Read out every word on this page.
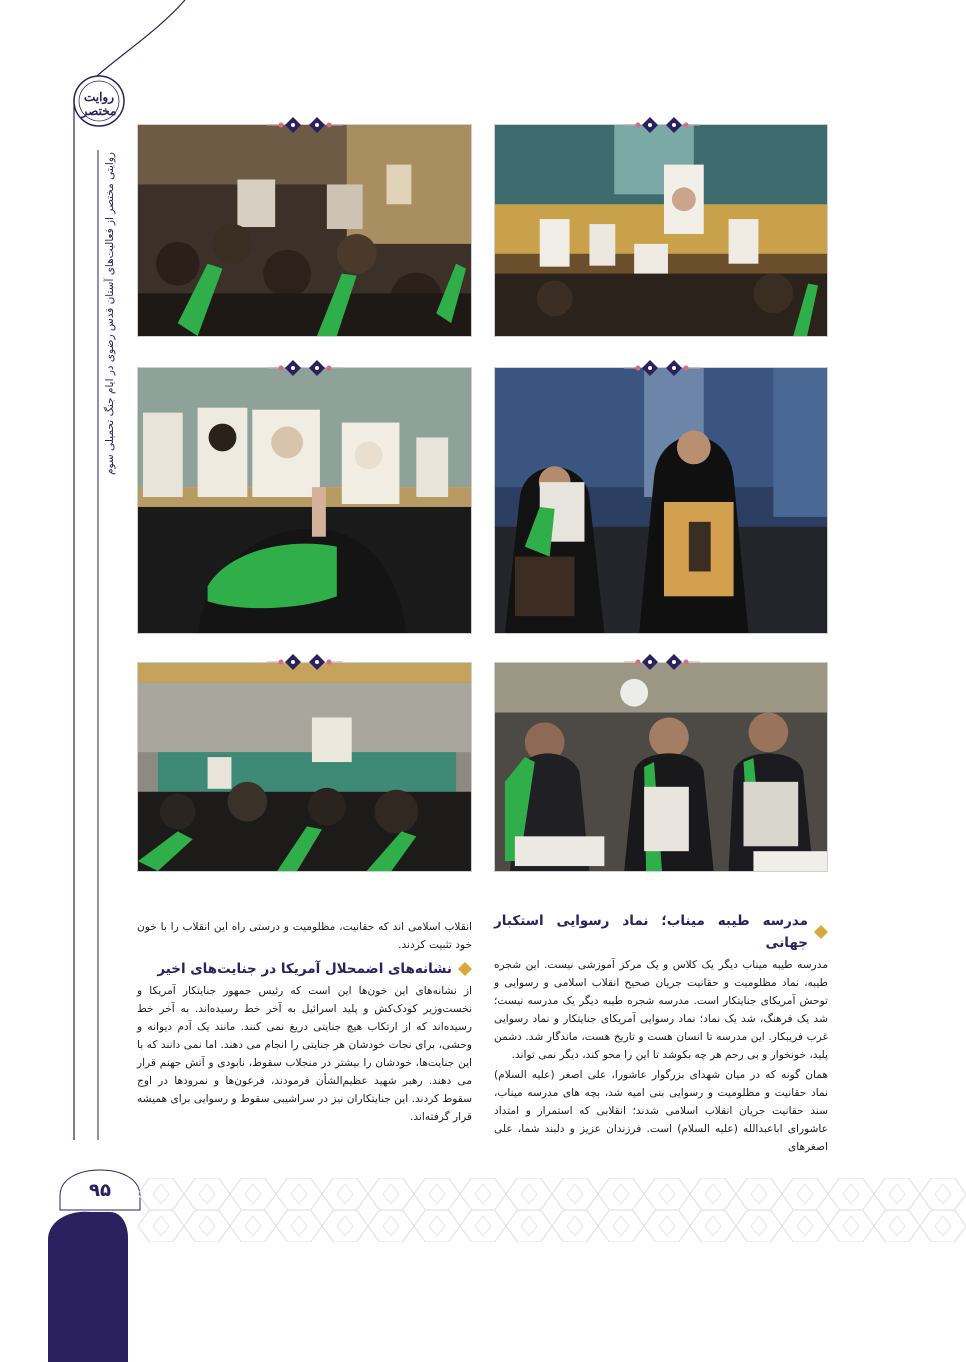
روایت مختصر
روایتی مختصر از فعالیت‌های آستان قدس رضوی در ایام جنگ تحمیلی سوم
۹۵
مدرسه طیبه میناب؛ نماد رسوایی استکبار جهانی

مدرسه طیبه میناب دیگر یک کلاس و یک مرکز آموزشی نیست. این شجره طیبه، نماد مظلومیت و حقانیت جریان صحیح انقلاب اسلامی و رسوایی و توحش آمریکای جنایتکار است. مدرسه شجره طیبه دیگر یک مدرسه نیست؛ شد یک فرهنگ، شد یک نماد؛ نماد رسوایی آمریکای جنایتکار و نماد رسوایی غرب فریبکار. این مدرسه تا انسان هست و تاریخ هست، ماندگار شد. دشمن پلید، خونخوار و بی رحم هر چه بکوشد تا این را محو کند، دیگر نمی تواند.

همان گونه که در میان شهدای بزرگوار عاشورا، علی اصغر (علیه السلام) نماد حقانیت و مظلومیت و رسوایی بنی امیه شد، بچه های مدرسه میناب، سند حقانیت جریان انقلاب اسلامی شدند؛ انقلابی که استمرار و امتداد عاشورای اباعبدالله (علیه السلام) است. فرزندان عزیز و دلبند شما، علی اصغرهای

انقلاب اسلامی اند که حقانیت، مظلومیت و درستی راه این انقلاب را با خون خود تثبیت کردند.

نشانه‌های اضمحلال آمریکا در جنایت‌های اخیر

از نشانه‌های این خون‌ها این است که رئیس جمهور جنایتکار آمریکا و نخست‌وزیر کودک‌کش و پلید اسرائیل به آخر خط رسیده‌اند. به آخر خط رسیده‌اند که از ارتکاب هیچ جنایتی دریغ نمی کنند. مانند یک آدم دیوانه و وحشی، برای نجات خودشان هر جنایتی را انجام می دهند. اما نمی دانند که با این جنایت‌ها، خودشان را بیشتر در منجلاب سقوط، نابودی و آتش جهنم قرار می دهند. رهبر شهید عظیم‌الشأن فرمودند، فرعون‌ها و نمرودها در اوج سقوط کردند. این جنایتکاران نیز در سراشیبی سقوط و رسوایی برای همیشه قرار گرفته‌اند.
